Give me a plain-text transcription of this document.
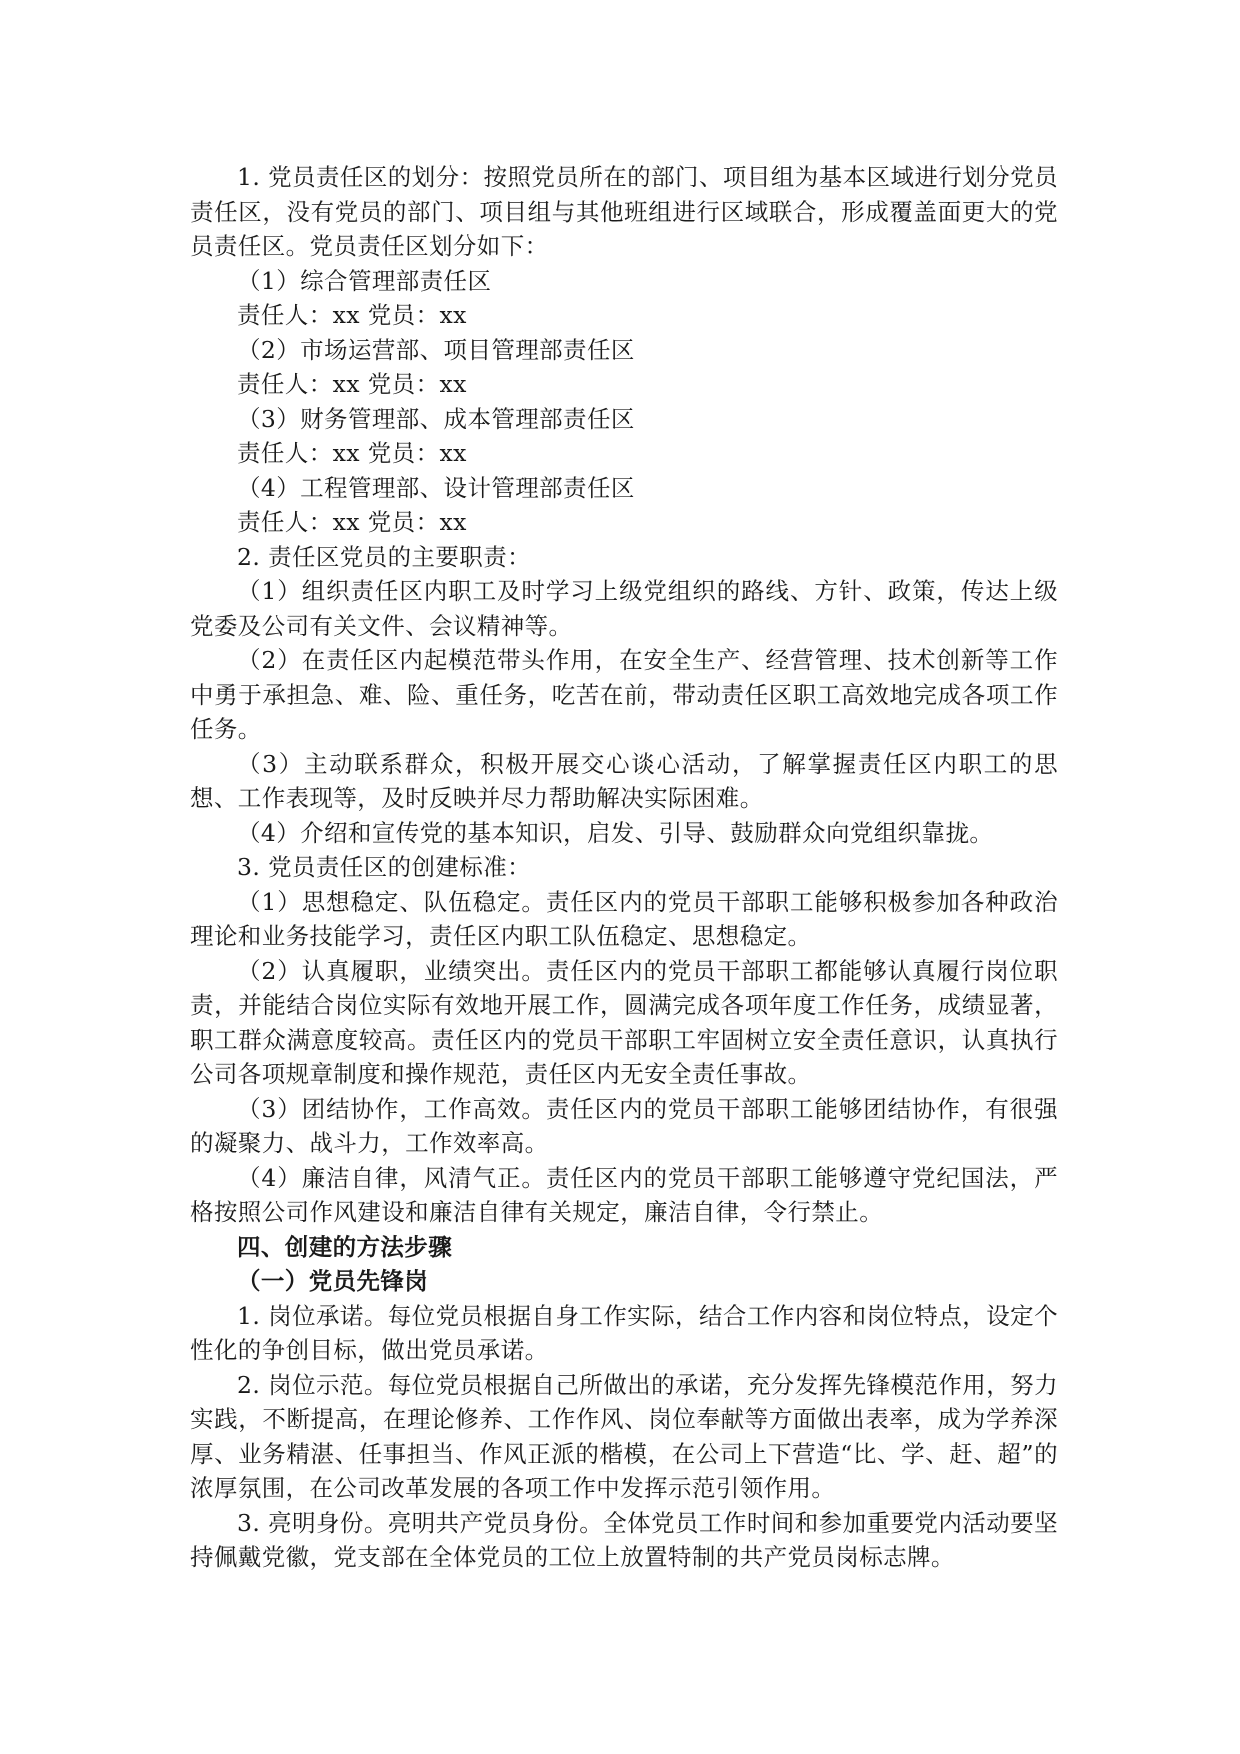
1. 党员责任区的划分：按照党员所在的部门、项目组为基本区域进行划分党员责任区，没有党员的部门、项目组与其他班组进行区域联合，形成覆盖面更大的党员责任区。党员责任区划分如下：

（1）综合管理部责任区

责任人：xx 党员：xx

（2）市场运营部、项目管理部责任区

责任人：xx 党员：xx

（3）财务管理部、成本管理部责任区

责任人：xx 党员：xx

（4）工程管理部、设计管理部责任区

责任人：xx 党员：xx

2. 责任区党员的主要职责：

（1）组织责任区内职工及时学习上级党组织的路线、方针、政策，传达上级党委及公司有关文件、会议精神等。

（2）在责任区内起模范带头作用，在安全生产、经营管理、技术创新等工作中勇于承担急、难、险、重任务，吃苦在前，带动责任区职工高效地完成各项工作任务。

（3）主动联系群众，积极开展交心谈心活动，了解掌握责任区内职工的思想、工作表现等，及时反映并尽力帮助解决实际困难。

（4）介绍和宣传党的基本知识，启发、引导、鼓励群众向党组织靠拢。

3. 党员责任区的创建标准：

（1）思想稳定、队伍稳定。责任区内的党员干部职工能够积极参加各种政治理论和业务技能学习，责任区内职工队伍稳定、思想稳定。

（2）认真履职，业绩突出。责任区内的党员干部职工都能够认真履行岗位职责，并能结合岗位实际有效地开展工作，圆满完成各项年度工作任务，成绩显著，职工群众满意度较高。责任区内的党员干部职工牢固树立安全责任意识，认真执行公司各项规章制度和操作规范，责任区内无安全责任事故。

（3）团结协作，工作高效。责任区内的党员干部职工能够团结协作，有很强的凝聚力、战斗力，工作效率高。

（4）廉洁自律，风清气正。责任区内的党员干部职工能够遵守党纪国法，严格按照公司作风建设和廉洁自律有关规定，廉洁自律，令行禁止。

四、创建的方法步骤

（一）党员先锋岗

1. 岗位承诺。每位党员根据自身工作实际，结合工作内容和岗位特点，设定个性化的争创目标，做出党员承诺。

2. 岗位示范。每位党员根据自己所做出的承诺，充分发挥先锋模范作用，努力实践，不断提高，在理论修养、工作作风、岗位奉献等方面做出表率，成为学养深厚、业务精湛、任事担当、作风正派的楷模，在公司上下营造“比、学、赶、超”的浓厚氛围，在公司改革发展的各项工作中发挥示范引领作用。

3. 亮明身份。亮明共产党员身份。全体党员工作时间和参加重要党内活动要坚持佩戴党徽，党支部在全体党员的工位上放置特制的共产党员岗标志牌。
